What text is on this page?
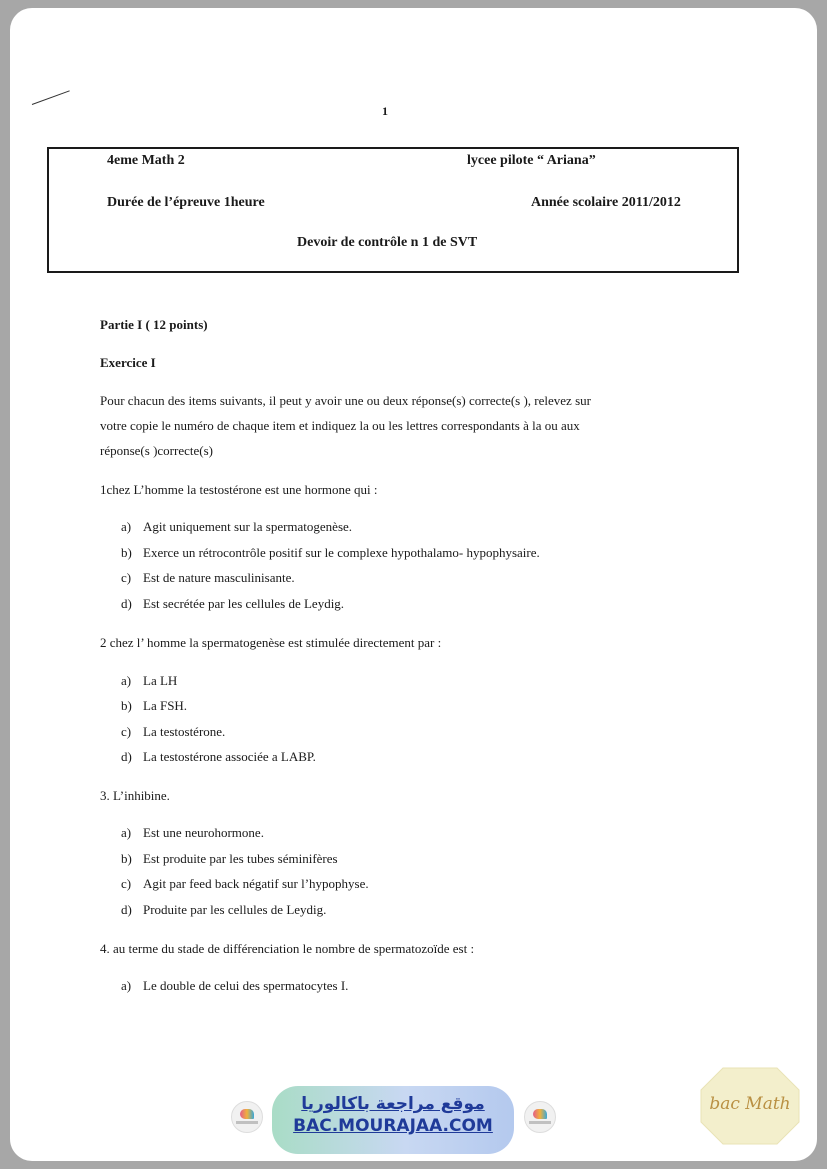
1
4eme Math 2	lycee pilote “ Ariana”
Durée de l’épreuve 1heure	Année scolaire 2011/2012
Devoir de contrôle n 1 de SVT
Partie I ( 12 points)
Exercice I
Pour chacun des items suivants, il peut y avoir une ou deux réponse(s) correcte(s ), relevez sur
votre copie le numéro de chaque item et indiquez la ou les lettres correspondants à la ou aux
réponse(s )correcte(s)
1chez L’homme la testostérone est une hormone qui :
a) Agit uniquement sur la spermatogenèse.
b) Exerce un rétrocontrôle positif sur le complexe hypothalamo- hypophysaire.
c) Est de nature masculinisante.
d) Est secrétée par les cellules de Leydig.
2 chez l’ homme la spermatogenèse est stimulée directement par :
a) La LH
b) La FSH.
c) La testostérone.
d) La testostérone associée a LABP.
3. L’inhibine.
a) Est une neurohormone.
b) Est produite par les tubes séminifères
c) Agit par feed back négatif sur l’hypophyse.
d) Produite par les cellules de Leydig.
4. au terme du stade de différenciation le nombre de spermatozoïde est :
a) Le double de celui des spermatocytes I.
موقع مراجعة باكالوريا
BAC.MOURAJAA.COM
bac Math
